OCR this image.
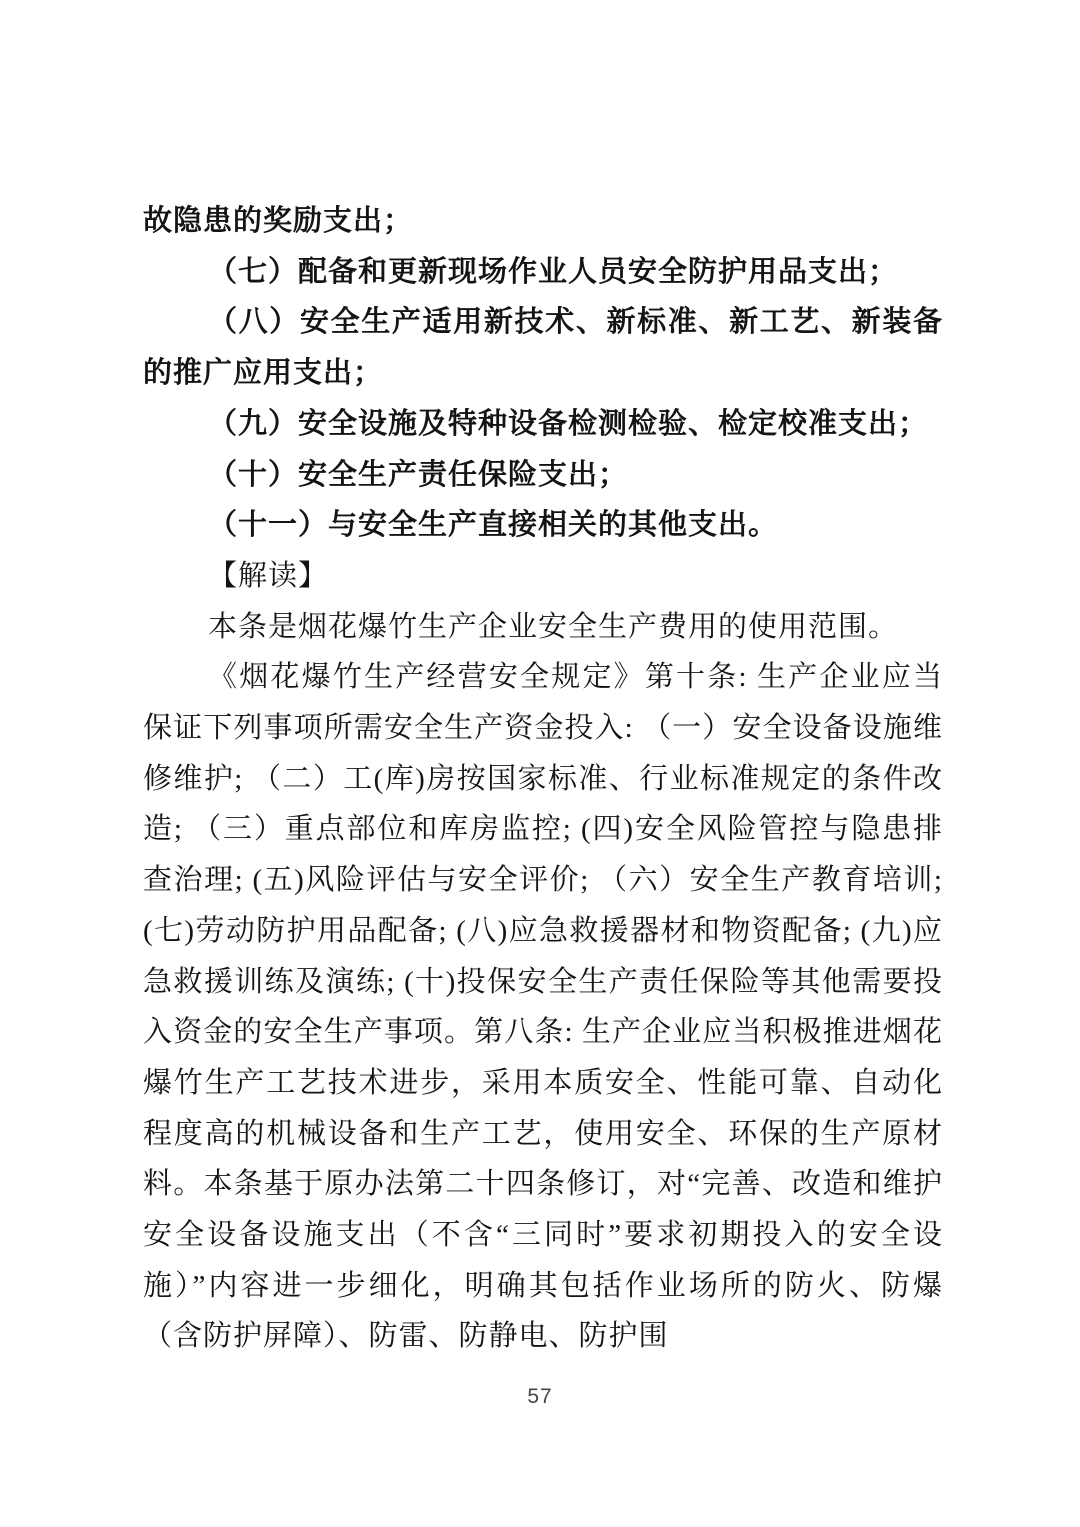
故隐患的奖励支出；

（七）配备和更新现场作业人员安全防护用品支出；

（八）安全生产适用新技术、新标准、新工艺、新装备的推广应用支出；

（九）安全设施及特种设备检测检验、检定校准支出；

（十）安全生产责任保险支出；

（十一）与安全生产直接相关的其他支出。

【解读】

本条是烟花爆竹生产企业安全生产费用的使用范围。

《烟花爆竹生产经营安全规定》第十条: 生产企业应当保证下列事项所需安全生产资金投入: （一）安全设备设施维修维护; （二）工(库)房按国家标准、行业标准规定的条件改造; （三）重点部位和库房监控; (四)安全风险管控与隐患排查治理; (五)风险评估与安全评价; （六）安全生产教育培训; (七)劳动防护用品配备; (八)应急救援器材和物资配备; (九)应急救援训练及演练; (十)投保安全生产责任保险等其他需要投入资金的安全生产事项。第八条: 生产企业应当积极推进烟花爆竹生产工艺技术进步，采用本质安全、性能可靠、自动化程度高的机械设备和生产工艺，使用安全、环保的生产原材料。本条基于原办法第二十四条修订，对“完善、改造和维护安全设备设施支出（不含“三同时”要求初期投入的安全设施）”内容进一步细化，明确其包括作业场所的防火、防爆（含防护屏障）、防雷、防静电、防护围

57
